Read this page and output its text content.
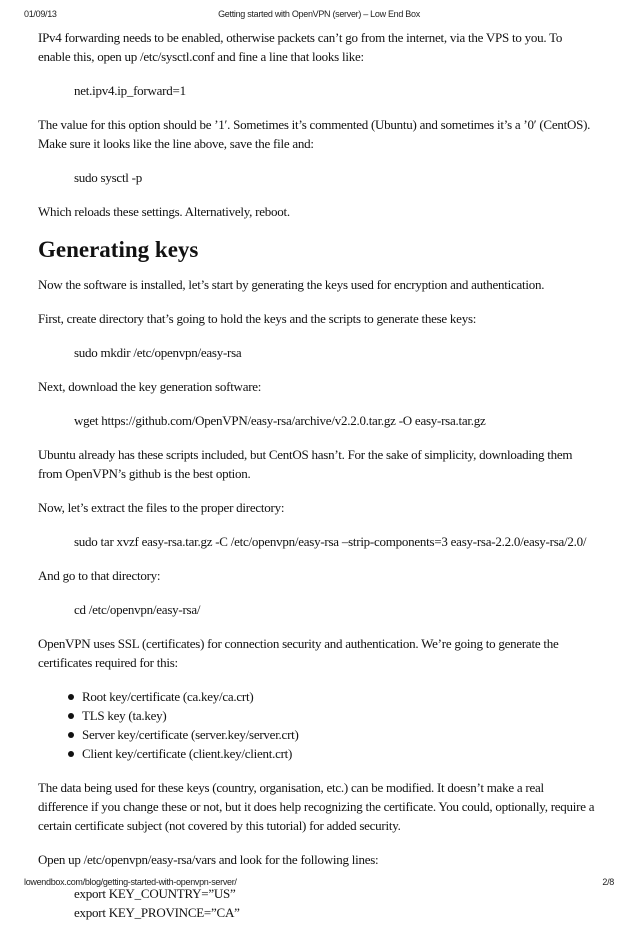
01/09/13	Getting started with OpenVPN (server) – Low End Box

IPv4 forwarding needs to be enabled, otherwise packets can’t go from the internet, via the VPS to you. To enable this, open up /etc/sysctl.conf and fine a line that looks like:

net.ipv4.ip_forward=1

The value for this option should be ’1′. Sometimes it’s commented (Ubuntu) and sometimes it’s a ’0′ (CentOS). Make sure it looks like the line above, save the file and:

sudo sysctl -p

Which reloads these settings. Alternatively, reboot.

Generating keys

Now the software is installed, let’s start by generating the keys used for encryption and authentication.

First, create directory that’s going to hold the keys and the scripts to generate these keys:

sudo mkdir /etc/openvpn/easy-rsa

Next, download the key generation software:

wget https://github.com/OpenVPN/easy-rsa/archive/v2.2.0.tar.gz -O easy-rsa.tar.gz

Ubuntu already has these scripts included, but CentOS hasn’t. For the sake of simplicity, downloading them from OpenVPN’s github is the best option.

Now, let’s extract the files to the proper directory:

sudo tar xvzf easy-rsa.tar.gz -C /etc/openvpn/easy-rsa –strip-components=3 easy-rsa-2.2.0/easy-rsa/2.0/

And go to that directory:

cd /etc/openvpn/easy-rsa/

OpenVPN uses SSL (certificates) for connection security and authentication. We’re going to generate the certificates required for this:

Root key/certificate (ca.key/ca.crt)
TLS key (ta.key)
Server key/certificate (server.key/server.crt)
Client key/certificate (client.key/client.crt)

The data being used for these keys (country, organisation, etc.) can be modified. It doesn’t make a real difference if you change these or not, but it does help recognizing the certificate. You could, optionally, require a certain certificate subject (not covered by this tutorial) for added security.

Open up /etc/openvpn/easy-rsa/vars and look for the following lines:

export KEY_COUNTRY=”US”
export KEY_PROVINCE=”CA”
lowendbox.com/blog/getting-started-with-openvpn-server/	2/8
